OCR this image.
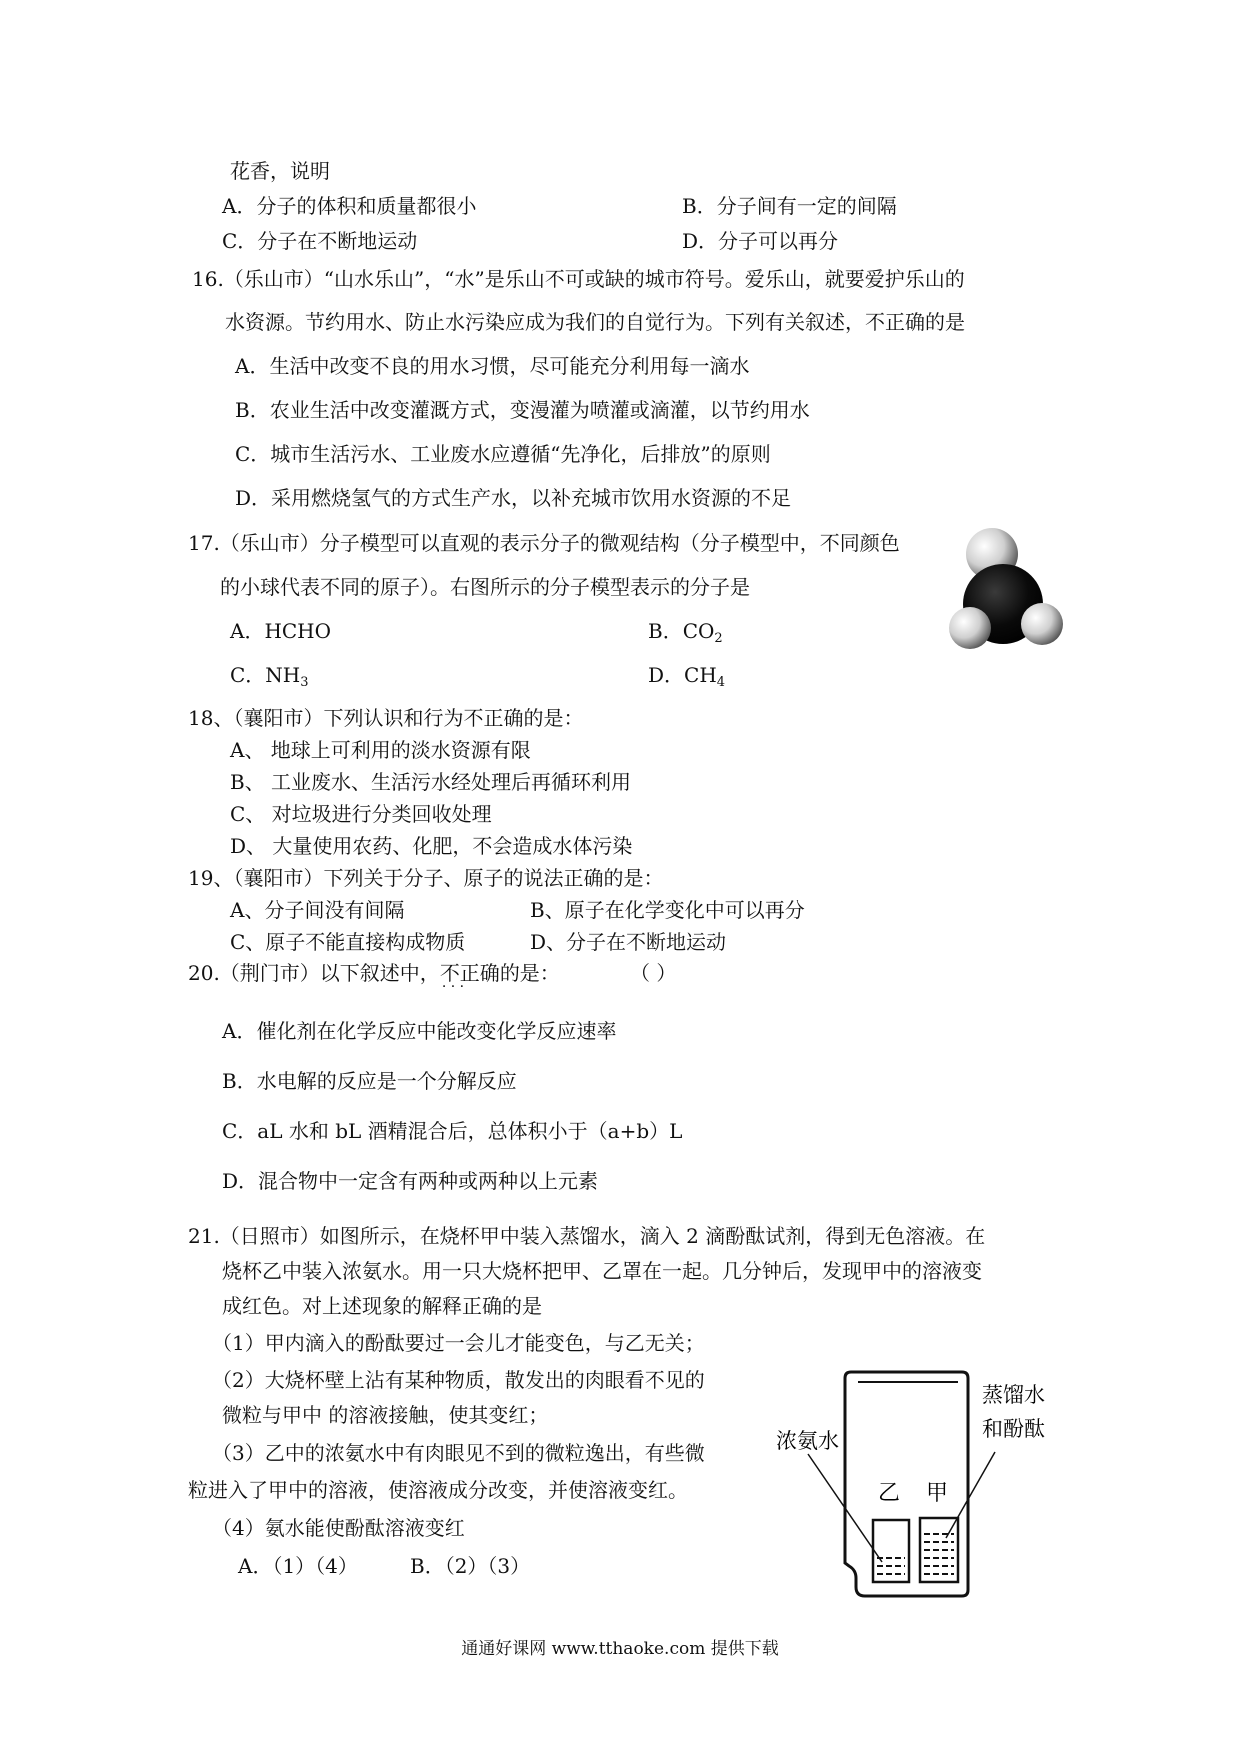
花香，说明
A．分子的体积和质量都很小	B．分子间有一定的间隔
C．分子在不断地运动	D．分子可以再分
16.（乐山市）“山水乐山”，“水”是乐山不可或缺的城市符号。爱乐山，就要爱护乐山的
水资源。节约用水、防止水污染应成为我们的自觉行为。下列有关叙述，不正确的是
A．生活中改变不良的用水习惯，尽可能充分利用每一滴水
B．农业生活中改变灌溉方式，变漫灌为喷灌或滴灌，以节约用水
C．城市生活污水、工业废水应遵循“先净化，后排放”的原则
D．采用燃烧氢气的方式生产水，以补充城市饮用水资源的不足
17.（乐山市）分子模型可以直观的表示分子的微观结构（分子模型中，不同颜色
的小球代表不同的原子）。右图所示的分子模型表示的分子是
A．HCHO	B．$CO_2$
C．$NH_3$	D．$CH_4$
18、（襄阳市）下列认识和行为不正确的是：
A、 地球上可利用的淡水资源有限
B、 工业废水、生活污水经处理后再循环利用
C、 对垃圾进行分类回收处理
D、 大量使用农药、化肥，不会造成水体污染
19、（襄阳市）下列关于分子、原子的说法正确的是：
A、分子间没有间隔	B、原子在化学变化中可以再分
C、原子不能直接构成物质	D、分子在不断地运动
20.（荆门市）以下叙述中，不正确 · · ·的是：	（ ）
A．催化剂在化学反应中能改变化学反应速率
B．水电解的反应是一个分解反应
C．aL 水和 bL 酒精混合后，总体积小于（a+b）L
D．混合物中一定含有两种或两种以上元素
21.（日照市）如图所示，在烧杯甲中装入蒸馏水，滴入 2 滴酚酞试剂，得到无色溶液。在
烧杯乙中装入浓氨水。用一只大烧杯把甲、乙罩在一起。几分钟后，发现甲中的溶液变
成红色。对上述现象的解释正确的是
（1）甲内滴入的酚酞要过一会儿才能变色，与乙无关；
（2）大烧杯壁上沾有某种物质，散发出的肉眼看不见的
微粒与甲中 的溶液接触，使其变红；
（3）乙中的浓氨水中有肉眼见不到的微粒逸出，有些微
粒进入了甲中的溶液，使溶液成分改变，并使溶液变红。
（4）氨水能使酚酞溶液变红
A．（1）（4）	B．（2）（3）
浓氨水
蒸馏水
和酚酞
乙 甲
通通好课网 www.tthaoke.com 提供下载
